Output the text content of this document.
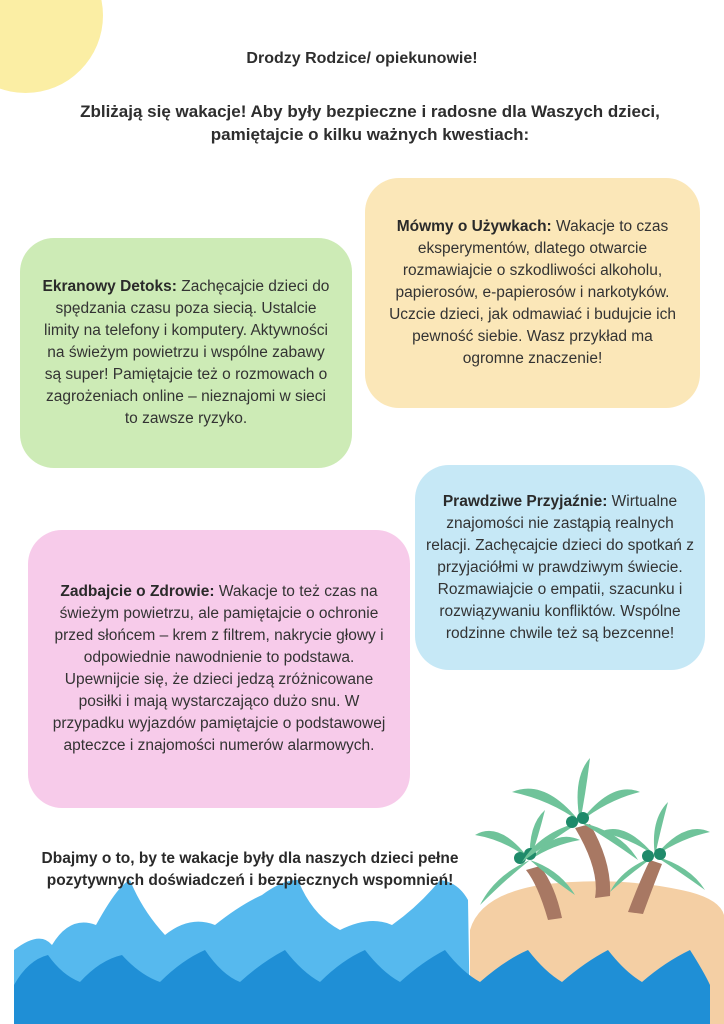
Drodzy Rodzice/ opiekunowie!
Zbliżają się wakacje! Aby były bezpieczne i radosne dla Waszych dzieci, pamiętajcie o kilku ważnych kwestiach:

Ekranowy Detoks: Zachęcajcie dzieci do spędzania czasu poza siecią. Ustalcie limity na telefony i komputery. Aktywności na świeżym powietrzu i wspólne zabawy są super! Pamiętajcie też o rozmowach o zagrożeniach online – nieznajomi w sieci to zawsze ryzyko.

Mówmy o Używkach: Wakacje to czas eksperymentów, dlatego otwarcie rozmawiajcie o szkodliwości alkoholu, papierosów, e-papierosów i narkotyków. Uczcie dzieci, jak odmawiać i budujcie ich pewność siebie. Wasz przykład ma ogromne znaczenie!

Prawdziwe Przyjaźnie: Wirtualne znajomości nie zastąpią realnych relacji. Zachęcajcie dzieci do spotkań z przyjaciółmi w prawdziwym świecie. Rozmawiajcie o empatii, szacunku i rozwiązywaniu konfliktów. Wspólne rodzinne chwile też są bezcenne!

Zadbajcie o Zdrowie: Wakacje to też czas na świeżym powietrzu, ale pamiętajcie o ochronie przed słońcem – krem z filtrem, nakrycie głowy i odpowiednie nawodnienie to podstawa. Upewnijcie się, że dzieci jedzą zróżnicowane posiłki i mają wystarczająco dużo snu. W przypadku wyjazdów pamiętajcie o podstawowej apteczce i znajomości numerów alarmowych.

Dbajmy o to, by te wakacje były dla naszych dzieci pełne pozytywnych doświadczeń i bezpiecznych wspomnień!
